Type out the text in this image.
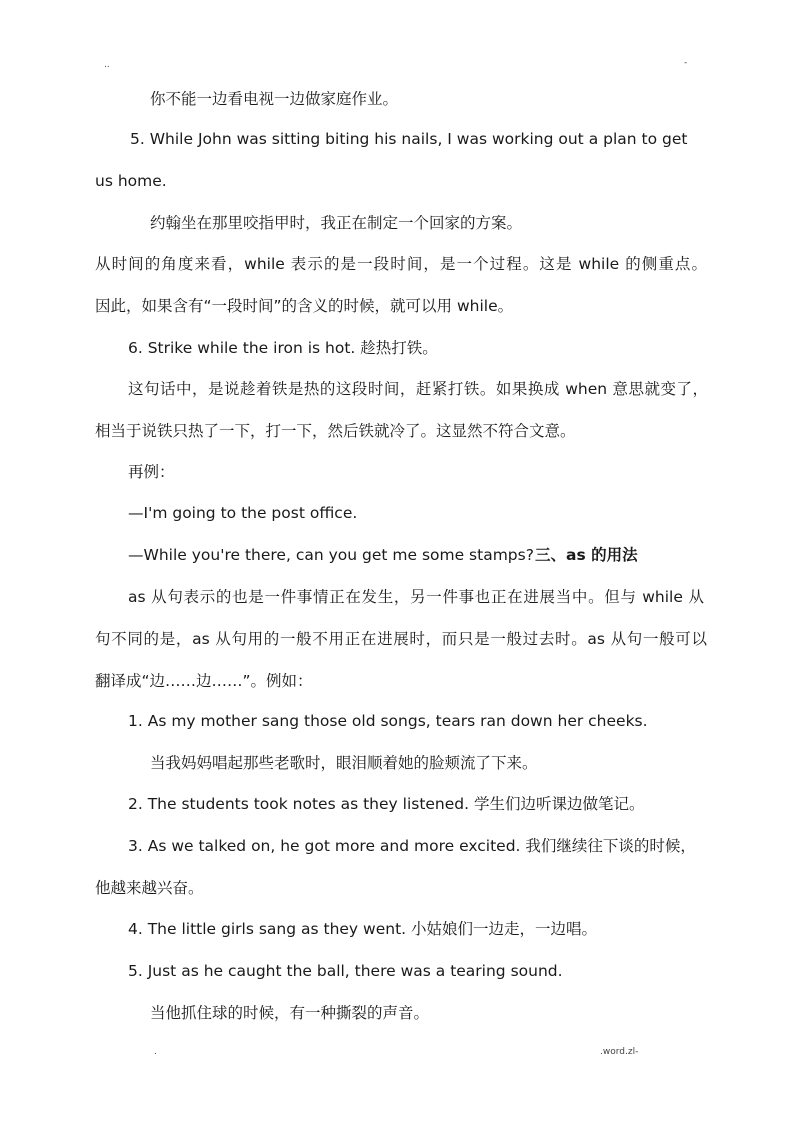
..	-
你不能一边看电视一边做家庭作业。
5. While John was sitting biting his nails, I was working out a plan to get
us home.
约翰坐在那里咬指甲时，我正在制定一个回家的方案。
从时间的角度来看，while 表示的是一段时间，是一个过程。这是 while 的侧重点。
因此，如果含有“一段时间”的含义的时候，就可以用 while。
6. Strike while the iron is hot. 趁热打铁。
这句话中，是说趁着铁是热的这段时间，赶紧打铁。如果换成 when 意思就变了，
相当于说铁只热了一下，打一下，然后铁就冷了。这显然不符合文意。
再例：
—I'm going to the post office.
—While you're there, can you get me some stamps? 三、as 的用法
as 从句表示的也是一件事情正在发生，另一件事也正在进展当中。但与 while 从
句不同的是，as 从句用的一般不用正在进展时，而只是一般过去时。as 从句一般可以
翻译成“边……边……”。例如：
1. As my mother sang those old songs, tears ran down her cheeks.
当我妈妈唱起那些老歌时，眼泪顺着她的脸颊流了下来。
2. The students took notes as they listened. 学生们边听课边做笔记。
3. As we talked on, he got more and more excited. 我们继续往下谈的时候，
他越来越兴奋。
4. The little girls sang as they went. 小姑娘们一边走，一边唱。
5. Just as he caught the ball, there was a tearing sound.
当他抓住球的时候，有一种撕裂的声音。
.	.word.zl-
